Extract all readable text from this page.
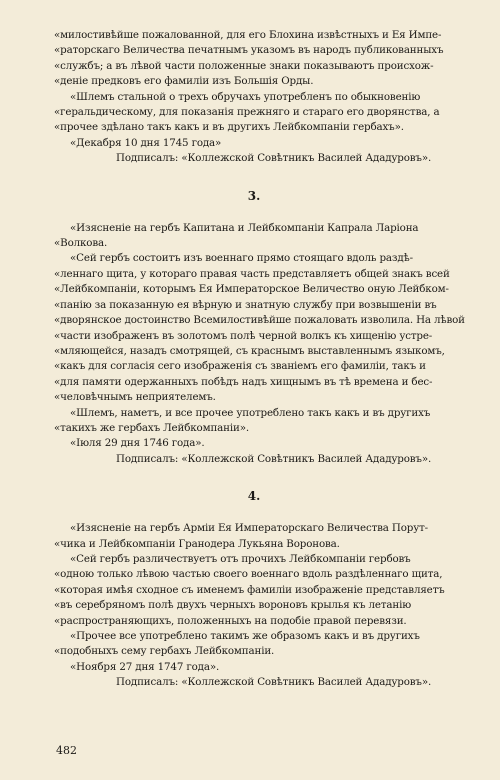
«милостивѣйше пожалованной, для его Блохина извѣстныхъ и Ея Импе-
«раторскаго Величества печатнымъ указомъ въ народъ публикованныхъ
«службъ; а въ лѣвой части положенные знаки показываютъ происхож-
«деніе предковъ его фамиліи изъ Большія Орды.
«Шлемъ стальной о трехъ обручахъ употребленъ по обыкновенію
«геральдическому, для показанія прежняго и стараго его дворянства, а
«прочее здѣлано такъ какъ и въ другихъ Лейбкомпаніи гербахъ».
«Декабря 10 дня 1745 года»
Подписалъ: «Коллежской Совѣтникъ Василей Ададуровъ».
3.
«Изясненіе на гербъ Капитана и Лейбкомпаніи Капрала Ларіона
«Волкова.
«Сей гербъ состоитъ изъ военнаго прямо стоящаго вдоль раздѣ-
«леннаго щита, у котораго правая часть представляетъ общей знакъ всей
«Лейбкомпаніи, которымъ Ея Императорское Величество оную Лейбком-
«панію за показанную ея вѣрную и знатную службу при возвышеніи въ
«дворянское достоинство Всемилостивѣйше пожаловать изволила. На лѣвой
«части изображенъ въ золотомъ полѣ черной волкъ къ хищенію устре-
«мляющейся, назадъ смотрящей, съ краснымъ выставленнымъ языкомъ,
«какъ для согласія сего изображенія съ званіемъ его фамиліи, такъ и
«для памяти одержанныхъ побѣдъ надъ хищнымъ въ тѣ времена и бес-
«человѣчнымъ неприятелемъ.
«Шлемъ, наметъ, и все прочее употреблено такъ какъ и въ другихъ
«такихъ же гербахъ Лейбкомпаніи».
«Іюля 29 дня 1746 года».
Подписалъ: «Коллежской Совѣтникъ Василей Ададуровъ».
4.
«Изясненіе на гербъ Арміи Ея Императорскаго Величества Порут-
«чика и Лейбкомпаніи Гранодера Лукьяна Воронова.
«Сей гербъ различествуетъ отъ прочихъ Лейбкомпаніи гербовъ
«одною только лѣвою частью своего военнаго вдоль раздѣленнаго щита,
«которая имѣя сходное съ именемъ фамиліи изображеніе представляетъ
«въ серебряномъ полѣ двухъ черныхъ вороновъ крылья къ летанію
«распространяющихъ, положенныхъ на подобіе правой перевязи.
«Прочее все употреблено такимъ же образомъ какъ и въ другихъ
«подобныхъ сему гербахъ Лейбкомпаніи.
«Ноября 27 дня 1747 года».
Подписалъ: «Коллежской Совѣтникъ Василей Ададуровъ».
482
